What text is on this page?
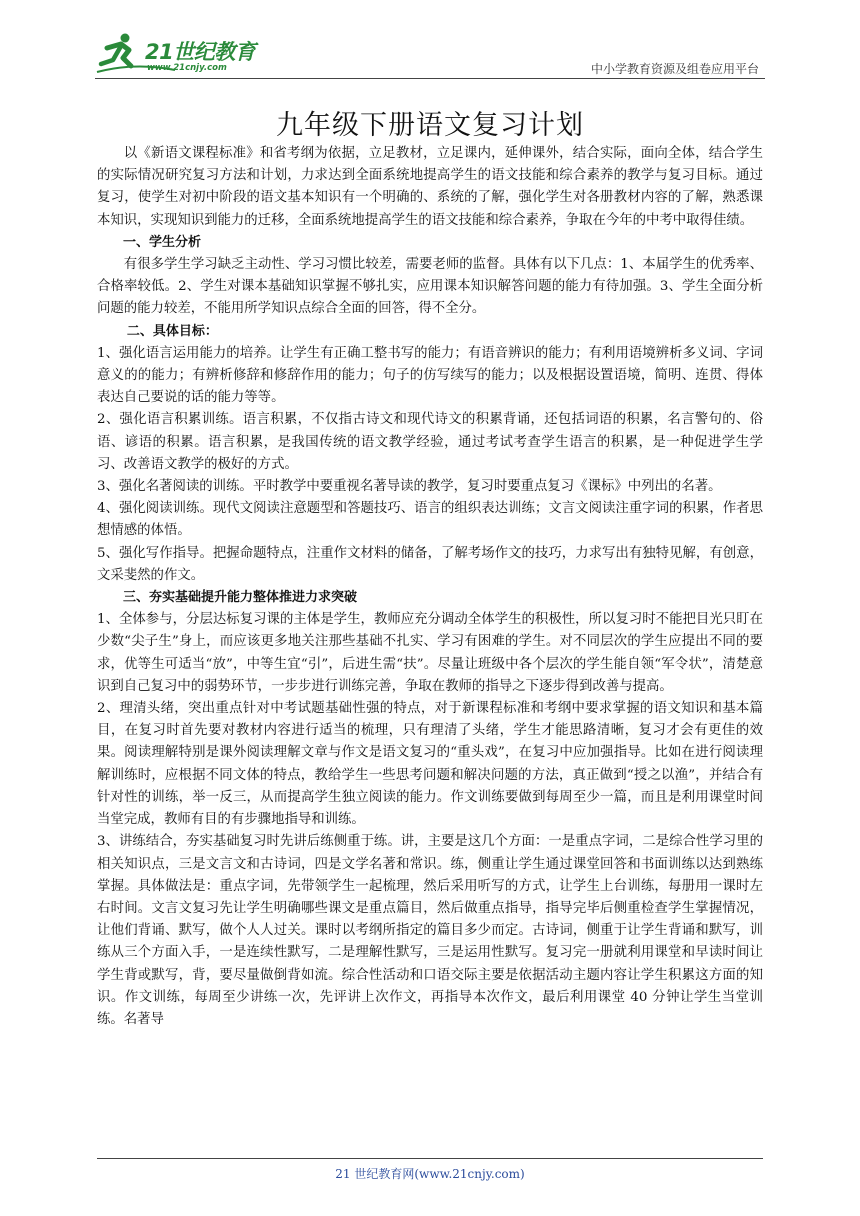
21世纪教育
www.21cnjy.com	中小学教育资源及组卷应用平台
九年级下册语文复习计划

以《新语文课程标准》和省考纲为依据，立足教材，立足课内，延伸课外，结合实际，面向全体，结合学生的实际情况研究复习方法和计划，力求达到全面系统地提高学生的语文技能和综合素养的教学与复习目标。通过复习，使学生对初中阶段的语文基本知识有一个明确的、系统的了解，强化学生对各册教材内容的了解，熟悉课本知识，实现知识到能力的迁移，全面系统地提高学生的语文技能和综合素养，争取在今年的中考中取得佳绩。

一、学生分析

有很多学生学习缺乏主动性、学习习惯比较差，需要老师的监督。具体有以下几点：1、本届学生的优秀率、合格率较低。2、学生对课本基础知识掌握不够扎实，应用课本知识解答问题的能力有待加强。3、学生全面分析问题的能力较差，不能用所学知识点综合全面的回答，得不全分。

二、具体目标：

1、强化语言运用能力的培养。让学生有正确工整书写的能力；有语音辨识的能力；有利用语境辨析多义词、字词意义的的能力；有辨析修辞和修辞作用的能力；句子的仿写续写的能力；以及根据设置语境，简明、连贯、得体表达自己要说的话的能力等等。

2、强化语言积累训练。语言积累，不仅指古诗文和现代诗文的积累背诵，还包括词语的积累，名言警句的、俗语、谚语的积累。语言积累，是我国传统的语文教学经验，通过考试考查学生语言的积累，是一种促进学生学习、改善语文教学的极好的方式。

3、强化名著阅读的训练。平时教学中要重视名著导读的教学，复习时要重点复习《课标》中列出的名著。

4、强化阅读训练。现代文阅读注意题型和答题技巧、语言的组织表达训练；文言文阅读注重字词的积累，作者思想情感的体悟。

5、强化写作指导。把握命题特点，注重作文材料的储备，了解考场作文的技巧，力求写出有独特见解，有创意，文采斐然的作文。

三、夯实基础提升能力整体推进力求突破

1、全体参与，分层达标复习课的主体是学生，教师应充分调动全体学生的积极性，所以复习时不能把目光只盯在少数“尖子生”身上，而应该更多地关注那些基础不扎实、学习有困难的学生。对不同层次的学生应提出不同的要求，优等生可适当“放”，中等生宜“引”，后进生需“扶”。尽量让班级中各个层次的学生能自领“军令状”，清楚意识到自己复习中的弱势环节，一步步进行训练完善，争取在教师的指导之下逐步得到改善与提高。

2、理清头绪，突出重点针对中考试题基础性强的特点，对于新课程标准和考纲中要求掌握的语文知识和基本篇目，在复习时首先要对教材内容进行适当的梳理，只有理清了头绪，学生才能思路清晰，复习才会有更佳的效果。阅读理解特别是课外阅读理解文章与作文是语文复习的“重头戏”，在复习中应加强指导。比如在进行阅读理解训练时，应根据不同文体的特点，教给学生一些思考问题和解决问题的方法，真正做到“授之以渔”，并结合有针对性的训练，举一反三，从而提高学生独立阅读的能力。作文训练要做到每周至少一篇，而且是利用课堂时间当堂完成，教师有目的有步骤地指导和训练。

3、讲练结合，夯实基础复习时先讲后练侧重于练。讲，主要是这几个方面：一是重点字词，二是综合性学习里的相关知识点，三是文言文和古诗词，四是文学名著和常识。练，侧重让学生通过课堂回答和书面训练以达到熟练掌握。具体做法是：重点字词，先带领学生一起梳理，然后采用听写的方式，让学生上台训练，每册用一课时左右时间。文言文复习先让学生明确哪些课文是重点篇目，然后做重点指导，指导完毕后侧重检查学生掌握情况，让他们背诵、默写，做个人人过关。课时以考纲所指定的篇目多少而定。古诗词，侧重于让学生背诵和默写，训练从三个方面入手，一是连续性默写，二是理解性默写，三是运用性默写。复习完一册就利用课堂和早读时间让学生背或默写，背，要尽量做倒背如流。综合性活动和口语交际主要是依据活动主题内容让学生积累这方面的知识。作文训练，每周至少讲练一次，先评讲上次作文，再指导本次作文，最后利用课堂 40 分钟让学生当堂训练。名著导

21 世纪教育网(www.21cnjy.com)
